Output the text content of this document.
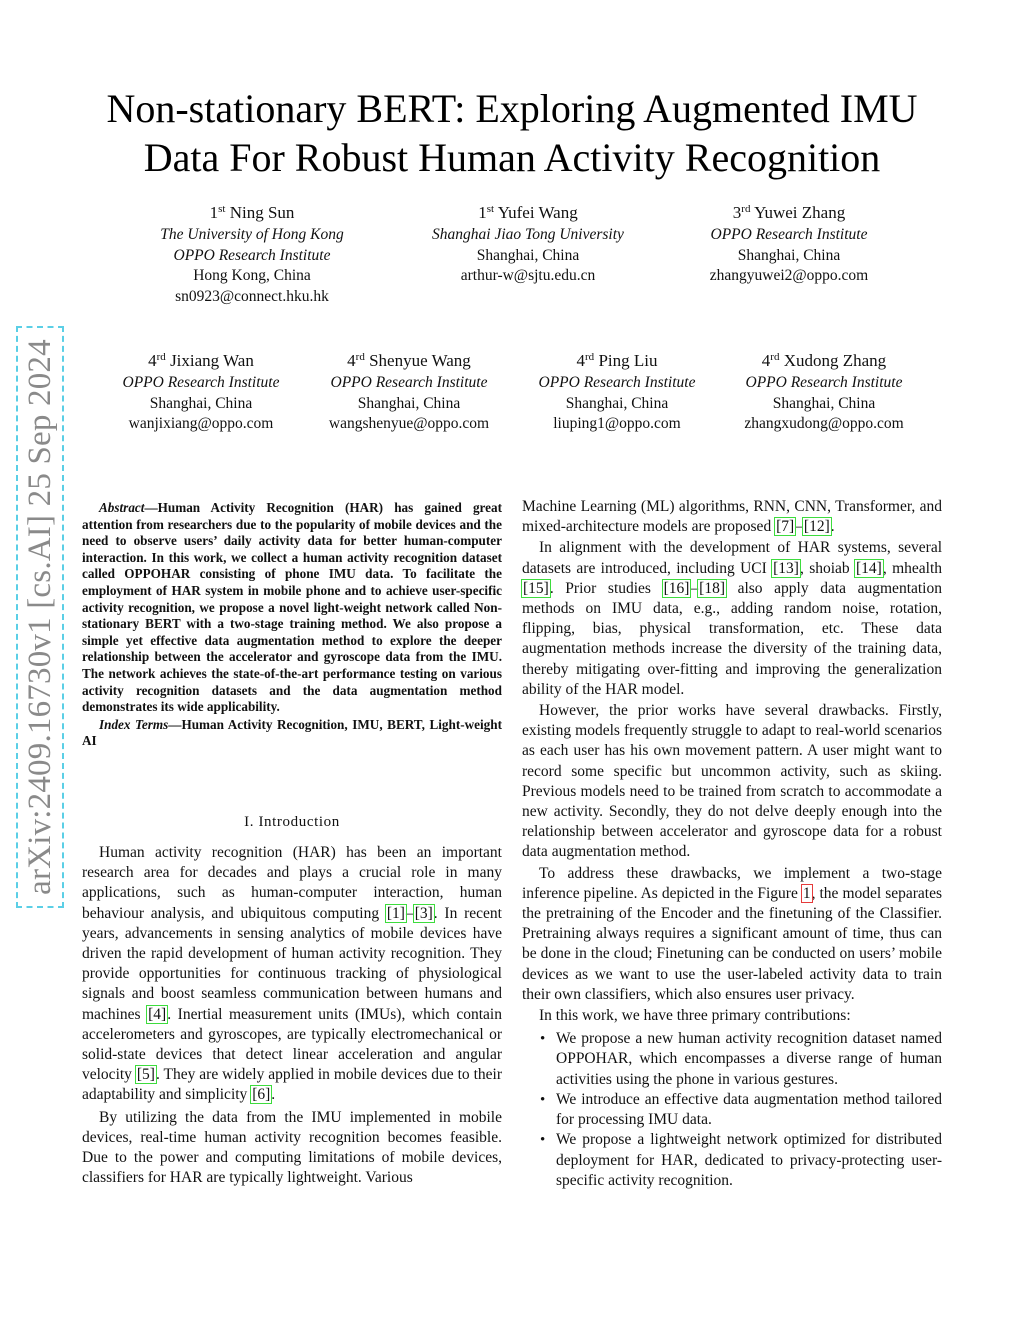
arXiv:2409.16730v1 [cs.AI] 25 Sep 2024
Non-stationary BERT: Exploring Augmented IMU
Data For Robust Human Activity Recognition
1st Ning Sun
The University of Hong Kong
OPPO Research Institute
Hong Kong, China
sn0923@connect.hku.hk
1st Yufei Wang
Shanghai Jiao Tong University
Shanghai, China
arthur-w@sjtu.edu.cn
3rd Yuwei Zhang
OPPO Research Institute
Shanghai, China
zhangyuwei2@oppo.com
4rd Jixiang Wan
OPPO Research Institute
Shanghai, China
wanjixiang@oppo.com
4rd Shenyue Wang
OPPO Research Institute
Shanghai, China
wangshenyue@oppo.com
4rd Ping Liu
OPPO Research Institute
Shanghai, China
liuping1@oppo.com
4rd Xudong Zhang
OPPO Research Institute
Shanghai, China
zhangxudong@oppo.com

Abstract—Human Activity Recognition (HAR) has gained great attention from researchers due to the popularity of mobile devices and the need to observe users’ daily activity data for better human-computer interaction. In this work, we collect a human activity recognition dataset called OPPOHAR consisting of phone IMU data. To facilitate the employment of HAR system in mobile phone and to achieve user-specific activity recognition, we propose a novel light-weight network called Non-stationary BERT with a two-stage training method. We also propose a simple yet effective data augmentation method to explore the deeper relationship between the accelerator and gyroscope data from the IMU. The network achieves the state-of-the-art performance testing on various activity recognition datasets and the data augmentation method demonstrates its wide applicability.

Index Terms—Human Activity Recognition, IMU, BERT, Light-weight AI

I. Introduction

Human activity recognition (HAR) has been an important research area for decades and plays a crucial role in many applications, such as human-computer interaction, human behaviour analysis, and ubiquitous computing [1]–[3]. In recent years, advancements in sensing analytics of mobile devices have driven the rapid development of human activity recognition. They provide opportunities for continuous tracking of physiological signals and boost seamless communication between humans and machines [4]. Inertial measurement units (IMUs), which contain accelerometers and gyroscopes, are typically electromechanical or solid-state devices that detect linear acceleration and angular velocity [5]. They are widely applied in mobile devices due to their adaptability and simplicity [6].

By utilizing the data from the IMU implemented in mobile devices, real-time human activity recognition becomes feasible. Due to the power and computing limitations of mobile devices, classifiers for HAR are typically lightweight. Various

Machine Learning (ML) algorithms, RNN, CNN, Transformer, and mixed-architecture models are proposed [7]–[12].

In alignment with the development of HAR systems, several datasets are introduced, including UCI [13], shoiab [14], mhealth [15]. Prior studies [16]–[18] also apply data augmentation methods on IMU data, e.g., adding random noise, rotation, flipping, bias, physical transformation, etc. These data augmentation methods increase the diversity of the training data, thereby mitigating over-fitting and improving the generalization ability of the HAR model.

However, the prior works have several drawbacks. Firstly, existing models frequently struggle to adapt to real-world scenarios as each user has his own movement pattern. A user might want to record some specific but uncommon activity, such as skiing. Previous models need to be trained from scratch to accommodate a new activity. Secondly, they do not delve deeply enough into the relationship between accelerator and gyroscope data for a robust data augmentation method.

To address these drawbacks, we implement a two-stage inference pipeline. As depicted in the Figure 1, the model separates the pretraining of the Encoder and the finetuning of the Classifier. Pretraining always requires a significant amount of time, thus can be done in the cloud; Finetuning can be conducted on users’ mobile devices as we want to use the user-labeled activity data to train their own classifiers, which also ensures user privacy.

In this work, we have three primary contributions:

• We propose a new human activity recognition dataset named OPPOHAR, which encompasses a diverse range of human activities using the phone in various gestures.
• We introduce an effective data augmentation method tailored for processing IMU data.
• We propose a lightweight network optimized for distributed deployment for HAR, dedicated to privacy-protecting user-specific activity recognition.
